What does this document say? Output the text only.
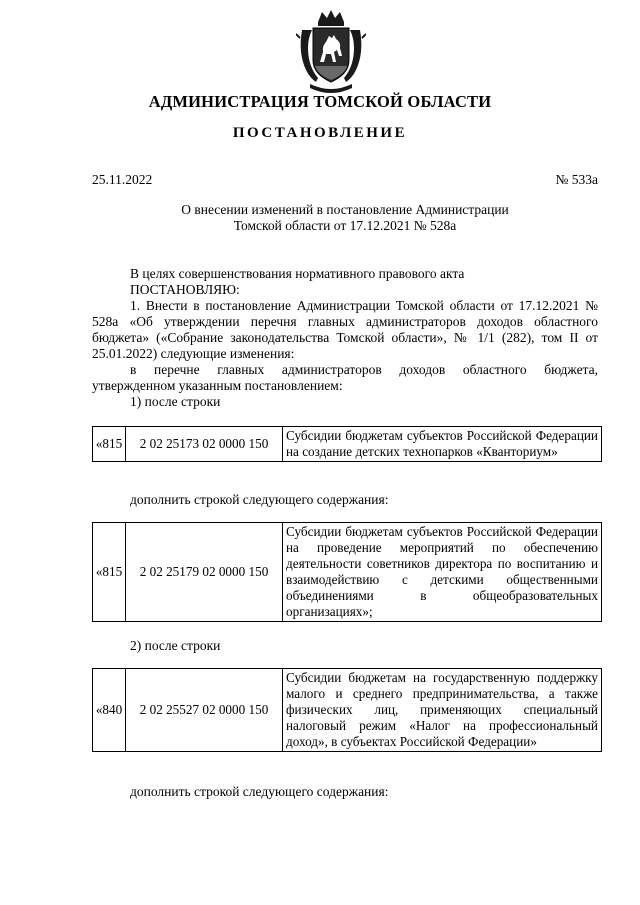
АДМИНИСТРАЦИЯ ТОМСКОЙ ОБЛАСТИ
ПОСТАНОВЛЕНИЕ
25.11.2022	№ 533а
О внесении изменений в постановление Администрации
Томской области от 17.12.2021 № 528а

В целях совершенствования нормативного правового акта

ПОСТАНОВЛЯЮ:

1. Внести в постановление Администрации Томской области от 17.12.2021 № 528а «Об утверждении перечня главных администраторов доходов областного бюджета» («Собрание законодательства Томской области», № 1/1 (282), том II от 25.01.2022) следующие изменения:

в перечне главных администраторов доходов областного бюджета, утвержденном указанным постановлением:

1) после строки

«815	2 02 25173 02 0000 150	Субсидии бюджетам субъектов Российской Федерации на создание детских технопарков «Кванториум»
дополнить строкой следующего содержания:
«815	2 02 25179 02 0000 150	Субсидии бюджетам субъектов Российской Федерации на проведение мероприятий по обеспечению деятельности советников директора по воспитанию и взаимодействию с детскими общественными объединениями в общеобразовательных организациях»;
2) после строки
«840	2 02 25527 02 0000 150	Субсидии бюджетам на государственную поддержку малого и среднего предпринимательства, а также физических лиц, применяющих специальный налоговый режим «Налог на профессиональный доход», в субъектах Российской Федерации»
дополнить строкой следующего содержания:
